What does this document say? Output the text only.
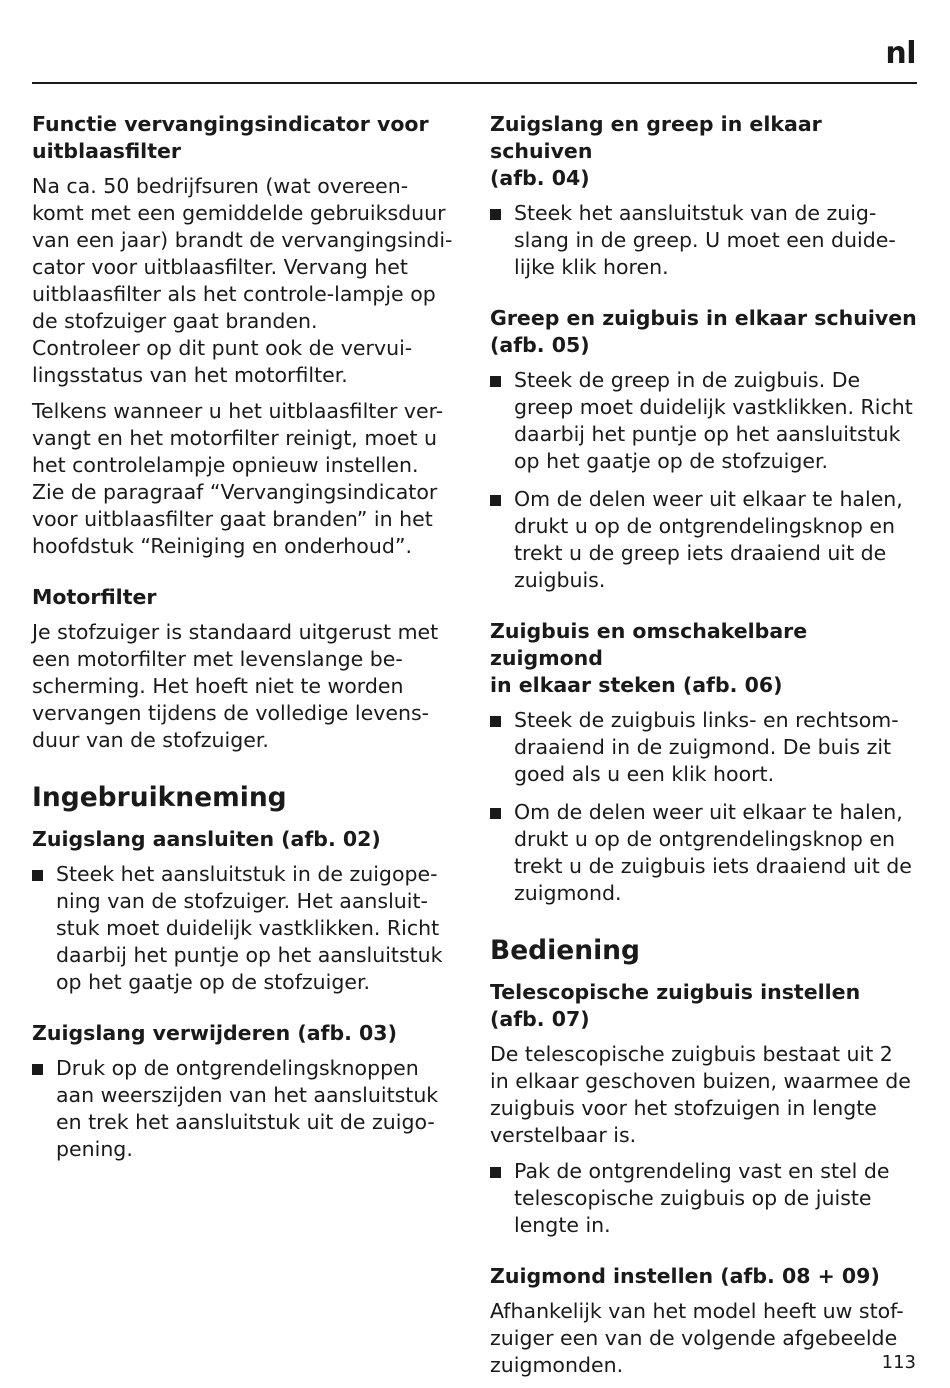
nl
Functie vervangingsindicator voor
uitblaasfilter
Na ca. 50 bedrijfsuren (wat overeen-
komt met een gemiddelde gebruiksduur
van een jaar) brandt de vervangingsindi-
cator voor uitblaasfilter. Vervang het
uitblaasfilter als het controle-lampje op
de stofzuiger gaat branden.
Controleer op dit punt ook de vervui-
lingsstatus van het motorfilter.
Telkens wanneer u het uitblaasfilter ver-
vangt en het motorfilter reinigt, moet u
het controlelampje opnieuw instellen.
Zie de paragraaf “Vervangingsindicator
voor uitblaasfilter gaat branden” in het
hoofdstuk “Reiniging en onderhoud”.
Motorfilter
Je stofzuiger is standaard uitgerust met
een motorfilter met levenslange be-
scherming. Het hoeft niet te worden
vervangen tijdens de volledige levens-
duur van de stofzuiger.
Ingebruikneming
Zuigslang aansluiten (afb. 02)
Steek het aansluitstuk in de zuigope-
ning van de stofzuiger. Het aansluit-
stuk moet duidelijk vastklikken. Richt
daarbij het puntje op het aansluitstuk
op het gaatje op de stofzuiger.
Zuigslang verwijderen (afb. 03)
Druk op de ontgrendelingsknoppen
aan weerszijden van het aansluitstuk
en trek het aansluitstuk uit de zuigo-
pening.
Zuigslang en greep in elkaar schuiven
(afb. 04)
Steek het aansluitstuk van de zuig-
slang in de greep. U moet een duide-
lijke klik horen.
Greep en zuigbuis in elkaar schuiven
(afb. 05)
Steek de greep in de zuigbuis. De
greep moet duidelijk vastklikken. Richt
daarbij het puntje op het aansluitstuk
op het gaatje op de stofzuiger.
Om de delen weer uit elkaar te halen,
drukt u op de ontgrendelingsknop en
trekt u de greep iets draaiend uit de
zuigbuis.
Zuigbuis en omschakelbare zuigmond
in elkaar steken (afb. 06)
Steek de zuigbuis links- en rechtsom-
draaiend in de zuigmond. De buis zit
goed als u een klik hoort.
Om de delen weer uit elkaar te halen,
drukt u op de ontgrendelingsknop en
trekt u de zuigbuis iets draaiend uit de
zuigmond.
Bediening
Telescopische zuigbuis instellen
(afb. 07)
De telescopische zuigbuis bestaat uit 2
in elkaar geschoven buizen, waarmee de
zuigbuis voor het stofzuigen in lengte
verstelbaar is.
Pak de ontgrendeling vast en stel de
telescopische zuigbuis op de juiste
lengte in.
Zuigmond instellen (afb. 08 + 09)
Afhankelijk van het model heeft uw stof-
zuiger een van de volgende afgebeelde
zuigmonden.	113
